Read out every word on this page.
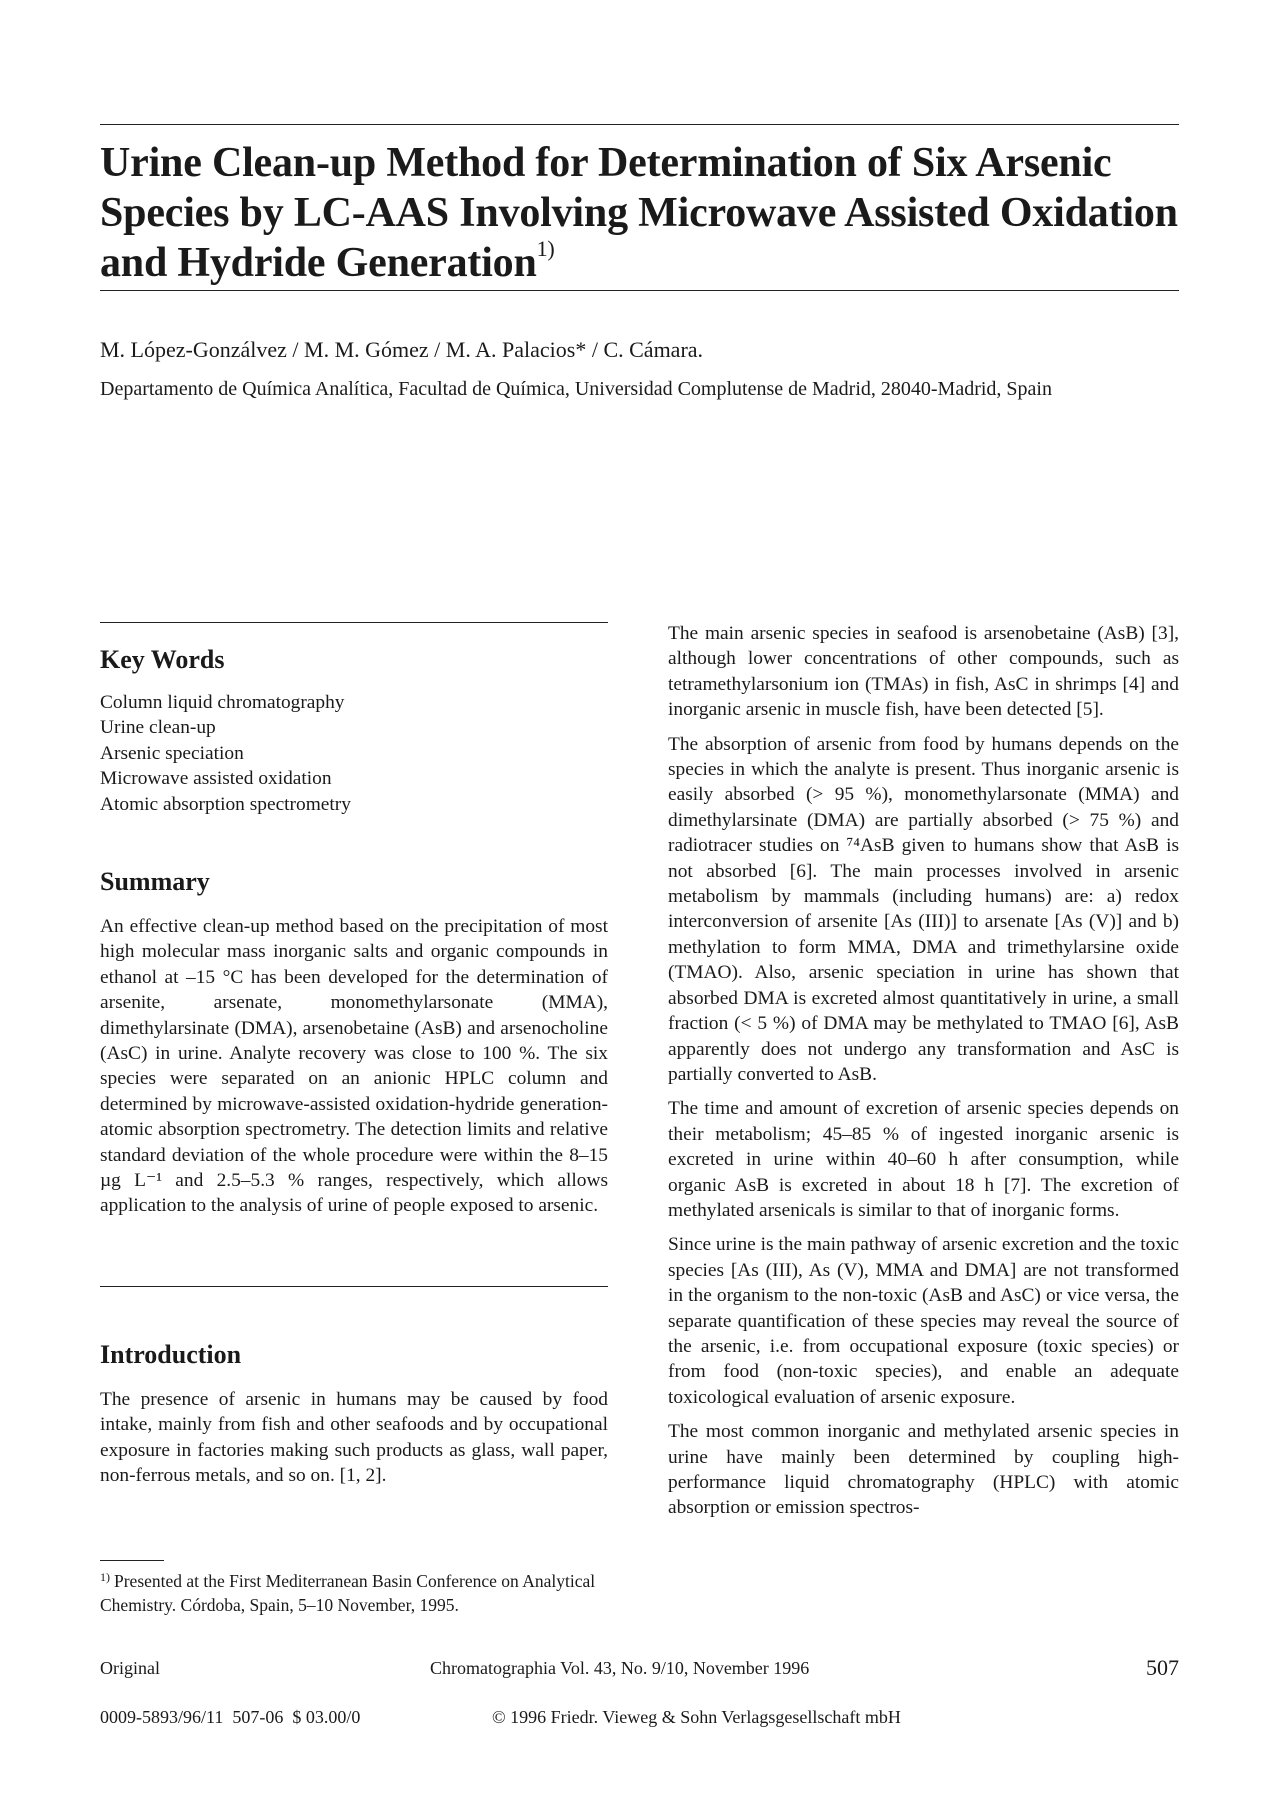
Urine Clean-up Method for Determination of Six Arsenic Species by LC-AAS Involving Microwave Assisted Oxidation and Hydride Generation$^{1)}$

M. López-Gonzálvez / M. M. Gómez / M. A. Palacios* / C. Cámara.

Departamento de Química Analítica, Facultad de Química, Universidad Complutense de Madrid, 28040-Madrid, Spain

Key Words
Column liquid chromatography
Urine clean-up
Arsenic speciation
Microwave assisted oxidation
Atomic absorption spectrometry
Summary

An effective clean-up method based on the precipitation of most high molecular mass inorganic salts and organic compounds in ethanol at –15 °C has been developed for the determination of arsenite, arsenate, monomethylarsonate (MMA), dimethylarsinate (DMA), arsenobetaine (AsB) and arsenocholine (AsC) in urine. Analyte recovery was close to 100 %. The six species were separated on an anionic HPLC column and determined by microwave-assisted oxidation-hydride generation-atomic absorption spectrometry. The detection limits and relative standard deviation of the whole procedure were within the 8–15 µg L⁻¹ and 2.5–5.3 % ranges, respectively, which allows application to the analysis of urine of people exposed to arsenic.

Introduction

The presence of arsenic in humans may be caused by food intake, mainly from fish and other seafoods and by occupational exposure in factories making such products as glass, wall paper, non-ferrous metals, and so on. [1, 2].

$^{1)}$ Presented at the First Mediterranean Basin Conference on Analytical Chemistry. Córdoba, Spain, 5–10 November, 1995.

The main arsenic species in seafood is arsenobetaine (AsB) [3], although lower concentrations of other compounds, such as tetramethylarsonium ion (TMAs) in fish, AsC in shrimps [4] and inorganic arsenic in muscle fish, have been detected [5].

The absorption of arsenic from food by humans depends on the species in which the analyte is present. Thus inorganic arsenic is easily absorbed (> 95 %), monomethylarsonate (MMA) and dimethylarsinate (DMA) are partially absorbed (> 75 %) and radiotracer studies on ⁷⁴AsB given to humans show that AsB is not absorbed [6]. The main processes involved in arsenic metabolism by mammals (including humans) are: a) redox interconversion of arsenite [As (III)] to arsenate [As (V)] and b) methylation to form MMA, DMA and trimethylarsine oxide (TMAO). Also, arsenic speciation in urine has shown that absorbed DMA is excreted almost quantitatively in urine, a small fraction (< 5 %) of DMA may be methylated to TMAO [6], AsB apparently does not undergo any transformation and AsC is partially converted to AsB.

The time and amount of excretion of arsenic species depends on their metabolism; 45–85 % of ingested inorganic arsenic is excreted in urine within 40–60 h after consumption, while organic AsB is excreted in about 18 h [7]. The excretion of methylated arsenicals is similar to that of inorganic forms.

Since urine is the main pathway of arsenic excretion and the toxic species [As (III), As (V), MMA and DMA] are not transformed in the organism to the non-toxic (AsB and AsC) or vice versa, the separate quantification of these species may reveal the source of the arsenic, i.e. from occupational exposure (toxic species) or from food (non-toxic species), and enable an adequate toxicological evaluation of arsenic exposure.

The most common inorganic and methylated arsenic species in urine have mainly been determined by coupling high-performance liquid chromatography (HPLC) with atomic absorption or emission spectros-

Original	Chromatographia Vol. 43, No. 9/10, November 1996	507
0009-5893/96/11  507-06  $ 03.00/0	© 1996 Friedr. Vieweg & Sohn Verlagsgesellschaft mbH
